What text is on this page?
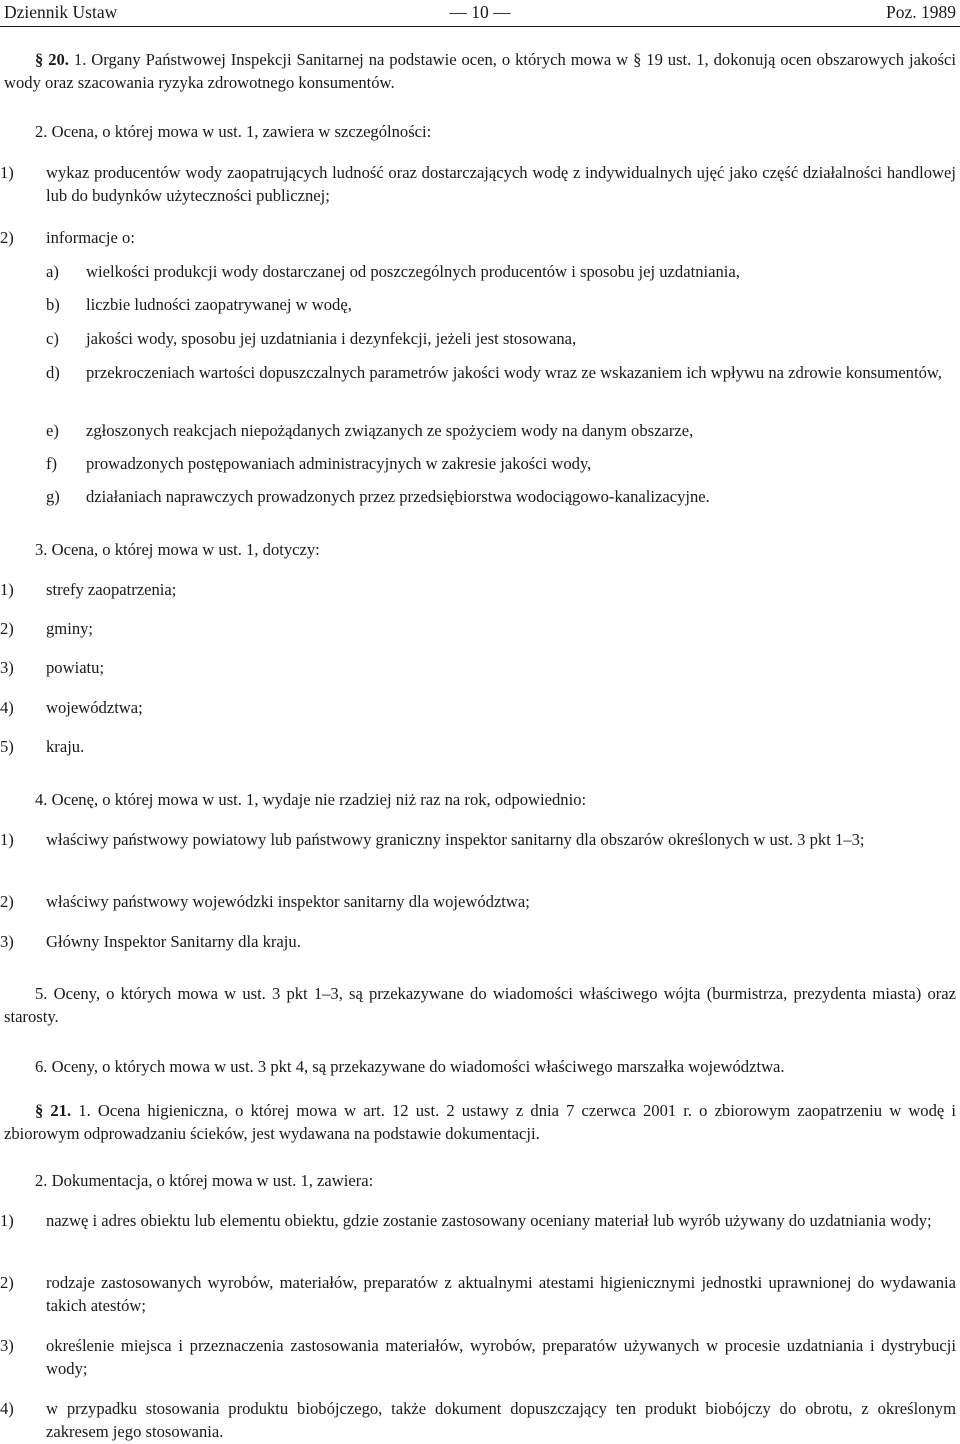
Dziennik Ustaw	— 10 —	Poz. 1989

§ 20. 1. Organy Państwowej Inspekcji Sanitarnej na podstawie ocen, o których mowa w § 19 ust. 1, dokonują ocen obszarowych jakości wody oraz szacowania ryzyka zdrowotnego konsumentów.

2. Ocena, o której mowa w ust. 1, zawiera w szczególności:

1) wykaz producentów wody zaopatrujących ludność oraz dostarczających wodę z indywidualnych ujęć jako część działalności handlowej lub do budynków użyteczności publicznej;
2) informacje o:
a) wielkości produkcji wody dostarczanej od poszczególnych producentów i sposobu jej uzdatniania,
b) liczbie ludności zaopatrywanej w wodę,
c) jakości wody, sposobu jej uzdatniania i dezynfekcji, jeżeli jest stosowana,
d) przekroczeniach wartości dopuszczalnych parametrów jakości wody wraz ze wskazaniem ich wpływu na zdrowie konsumentów,
e) zgłoszonych reakcjach niepożądanych związanych ze spożyciem wody na danym obszarze,
f) prowadzonych postępowaniach administracyjnych w zakresie jakości wody,
g) działaniach naprawczych prowadzonych przez przedsiębiorstwa wodociągowo-kanalizacyjne.

3. Ocena, o której mowa w ust. 1, dotyczy:

1) strefy zaopatrzenia;
2) gminy;
3) powiatu;
4) województwa;
5) kraju.

4. Ocenę, o której mowa w ust. 1, wydaje nie rzadziej niż raz na rok, odpowiednio:

1) właściwy państwowy powiatowy lub państwowy graniczny inspektor sanitarny dla obszarów określonych w ust. 3 pkt 1–3;
2) właściwy państwowy wojewódzki inspektor sanitarny dla województwa;
3) Główny Inspektor Sanitarny dla kraju.

5. Oceny, o których mowa w ust. 3 pkt 1–3, są przekazywane do wiadomości właściwego wójta (burmistrza, prezydenta miasta) oraz starosty.

6. Oceny, o których mowa w ust. 3 pkt 4, są przekazywane do wiadomości właściwego marszałka województwa.

§ 21. 1. Ocena higieniczna, o której mowa w art. 12 ust. 2 ustawy z dnia 7 czerwca 2001 r. o zbiorowym zaopatrzeniu w wodę i zbiorowym odprowadzaniu ścieków, jest wydawana na podstawie dokumentacji.

2. Dokumentacja, o której mowa w ust. 1, zawiera:

1) nazwę i adres obiektu lub elementu obiektu, gdzie zostanie zastosowany oceniany materiał lub wyrób używany do uzdatniania wody;
2) rodzaje zastosowanych wyrobów, materiałów, preparatów z aktualnymi atestami higienicznymi jednostki uprawnionej do wydawania takich atestów;
3) określenie miejsca i przeznaczenia zastosowania materiałów, wyrobów, preparatów używanych w procesie uzdatniania i dystrybucji wody;
4) w przypadku stosowania produktu biobójczego, także dokument dopuszczający ten produkt biobójczy do obrotu, z określonym zakresem jego stosowania.
